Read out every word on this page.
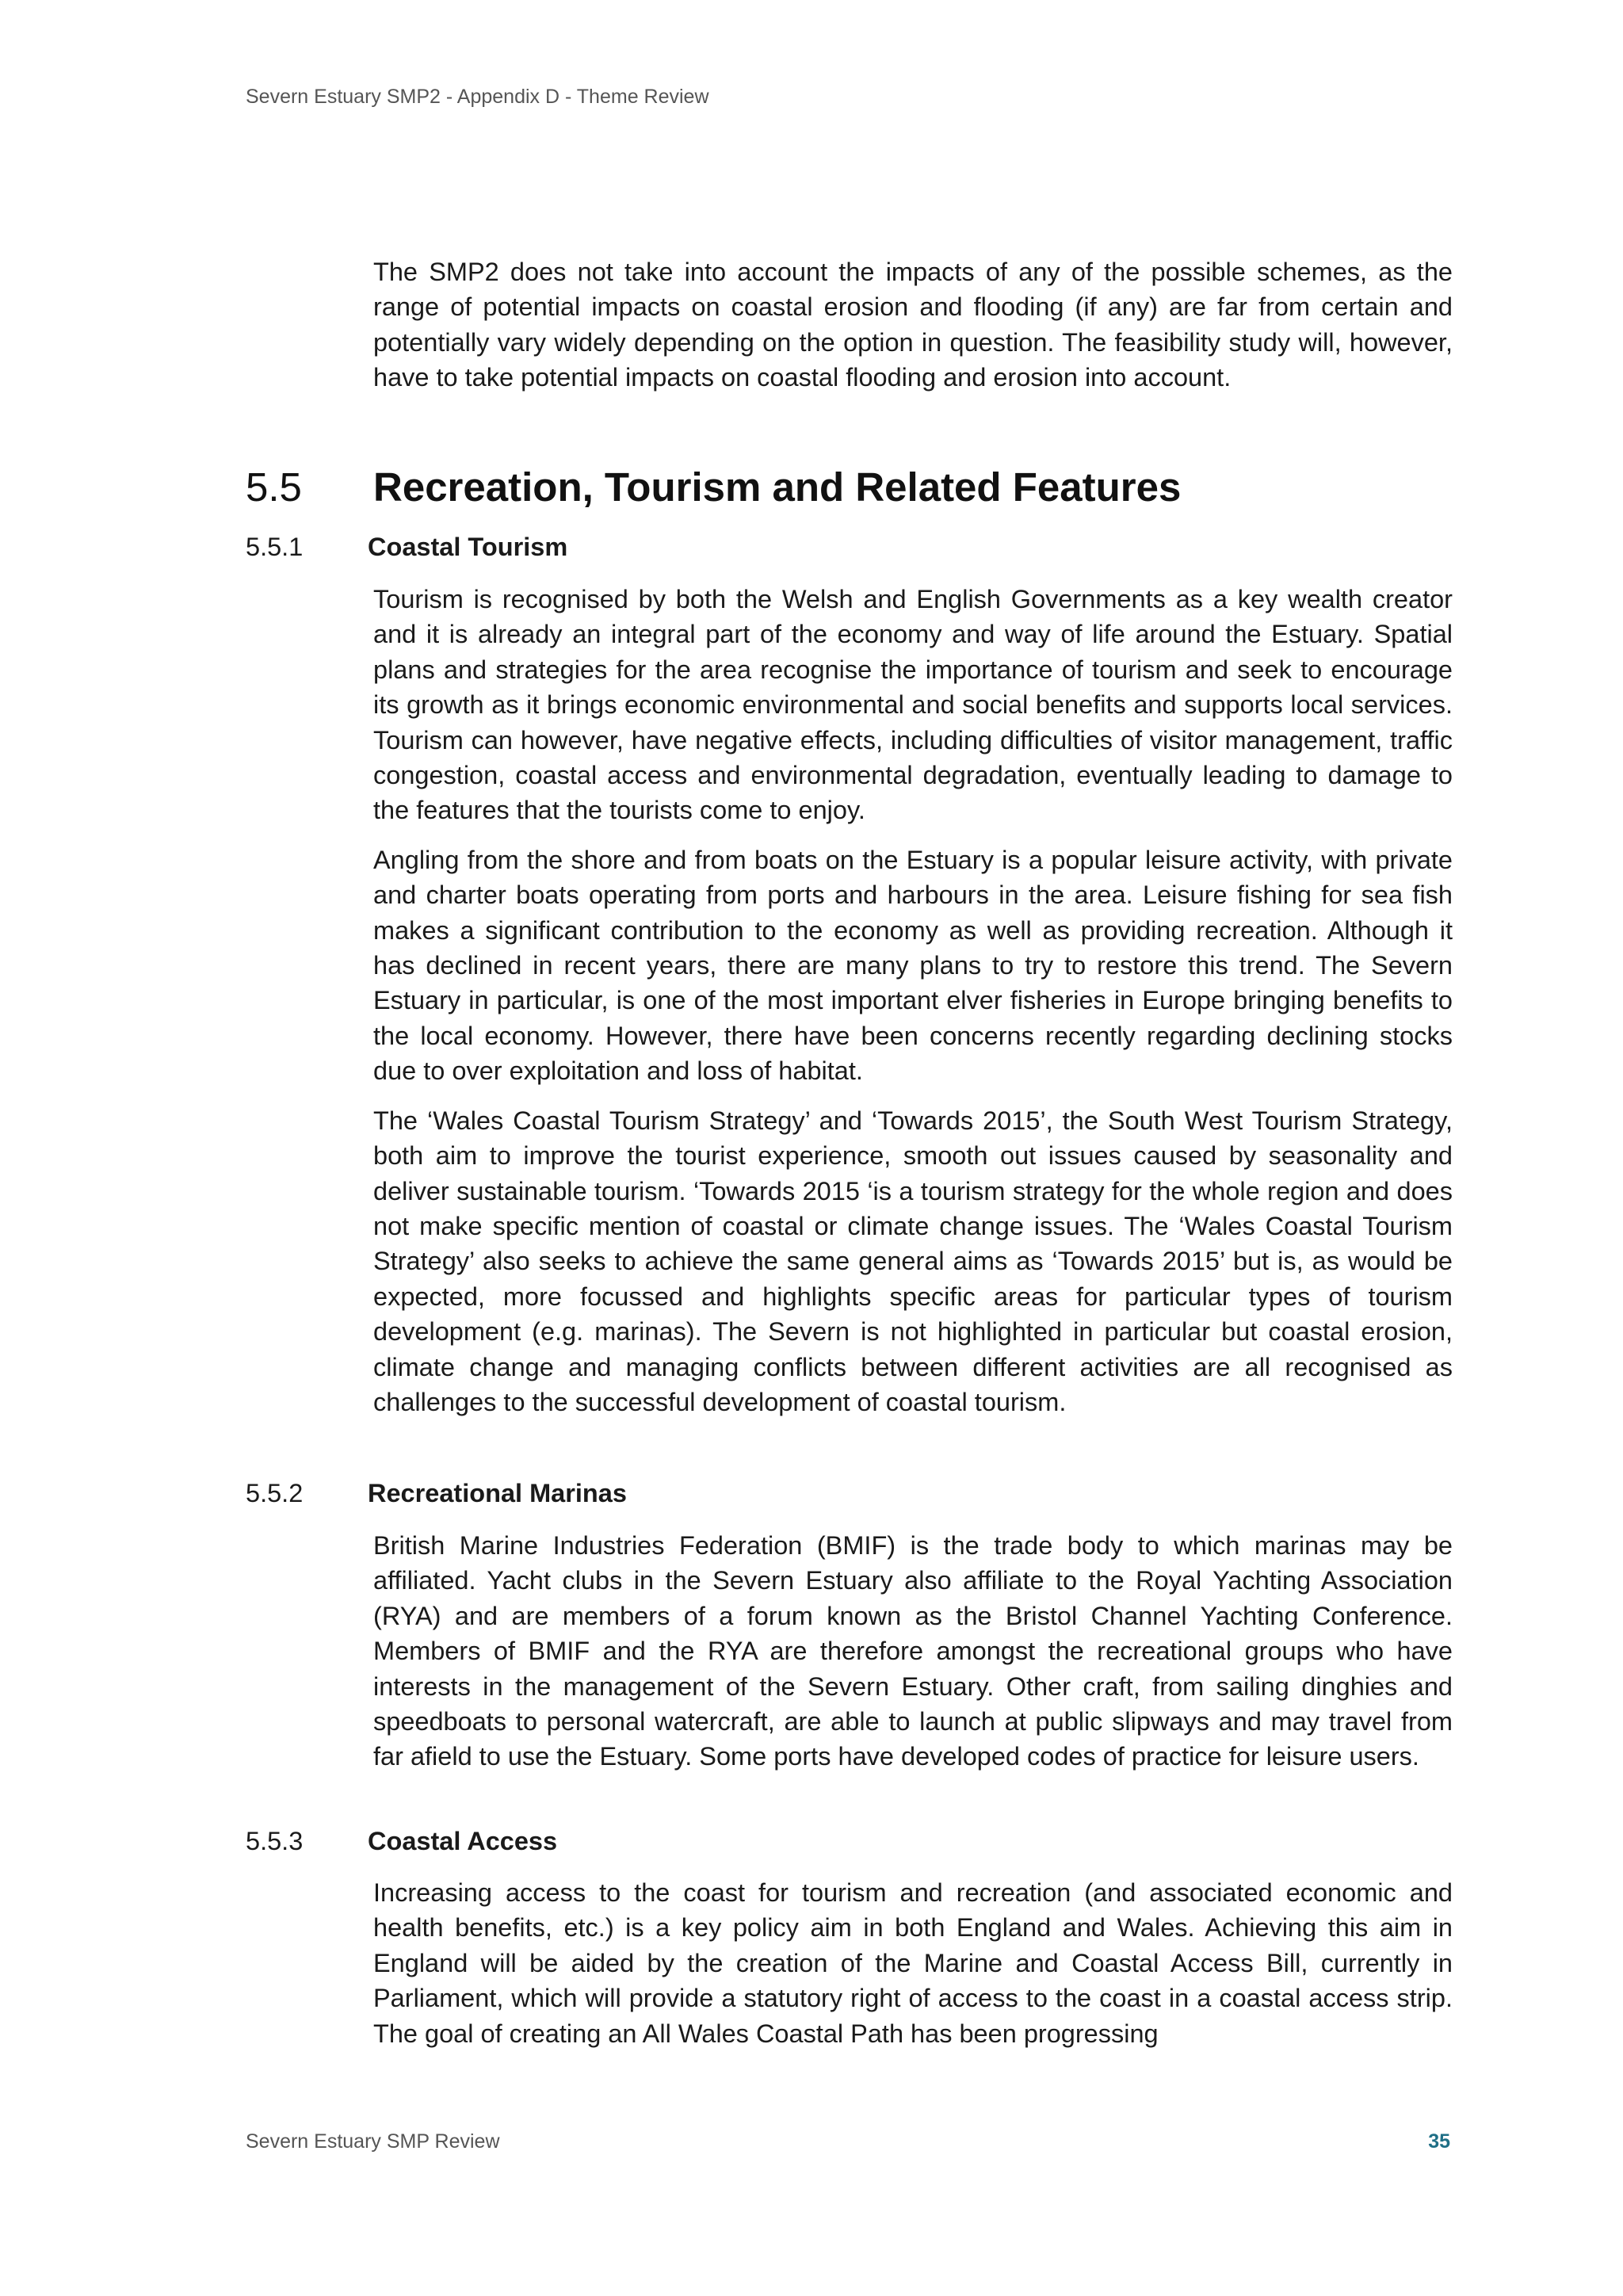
Severn Estuary SMP2 - Appendix D - Theme Review

The SMP2 does not take into account the impacts of any of the possible schemes, as the range of potential impacts on coastal erosion and flooding (if any) are far from certain and potentially vary widely depending on the option in question. The feasibility study will, however, have to take potential impacts on coastal flooding and erosion into account.

5.5 Recreation, Tourism and Related Features
5.5.1	Coastal Tourism

Tourism is recognised by both the Welsh and English Governments as a key wealth creator and it is already an integral part of the economy and way of life around the Estuary. Spatial plans and strategies for the area recognise the importance of tourism and seek to encourage its growth as it brings economic environmental and social benefits and supports local services. Tourism can however, have negative effects, including difficulties of visitor management, traffic congestion, coastal access and environmental degradation, eventually leading to damage to the features that the tourists come to enjoy.

Angling from the shore and from boats on the Estuary is a popular leisure activity, with private and charter boats operating from ports and harbours in the area. Leisure fishing for sea fish makes a significant contribution to the economy as well as providing recreation. Although it has declined in recent years, there are many plans to try to restore this trend. The Severn Estuary in particular, is one of the most important elver fisheries in Europe bringing benefits to the local economy. However, there have been concerns recently regarding declining stocks due to over exploitation and loss of habitat.

The ‘Wales Coastal Tourism Strategy’ and ‘Towards 2015’, the South West Tourism Strategy, both aim to improve the tourist experience, smooth out issues caused by seasonality and deliver sustainable tourism. ‘Towards 2015 ‘is a tourism strategy for the whole region and does not make specific mention of coastal or climate change issues. The ‘Wales Coastal Tourism Strategy’ also seeks to achieve the same general aims as ‘Towards 2015’ but is, as would be expected, more focussed and highlights specific areas for particular types of tourism development (e.g. marinas). The Severn is not highlighted in particular but coastal erosion, climate change and managing conflicts between different activities are all recognised as challenges to the successful development of coastal tourism.

5.5.2	Recreational Marinas

British Marine Industries Federation (BMIF) is the trade body to which marinas may be affiliated. Yacht clubs in the Severn Estuary also affiliate to the Royal Yachting Association (RYA) and are members of a forum known as the Bristol Channel Yachting Conference. Members of BMIF and the RYA are therefore amongst the recreational groups who have interests in the management of the Severn Estuary. Other craft, from sailing dinghies and speedboats to personal watercraft, are able to launch at public slipways and may travel from far afield to use the Estuary. Some ports have developed codes of practice for leisure users.

5.5.3	Coastal Access

Increasing access to the coast for tourism and recreation (and associated economic and health benefits, etc.) is a key policy aim in both England and Wales. Achieving this aim in England will be aided by the creation of the Marine and Coastal Access Bill, currently in Parliament, which will provide a statutory right of access to the coast in a coastal access strip. The goal of creating an All Wales Coastal Path has been progressing

Severn Estuary SMP Review	35
